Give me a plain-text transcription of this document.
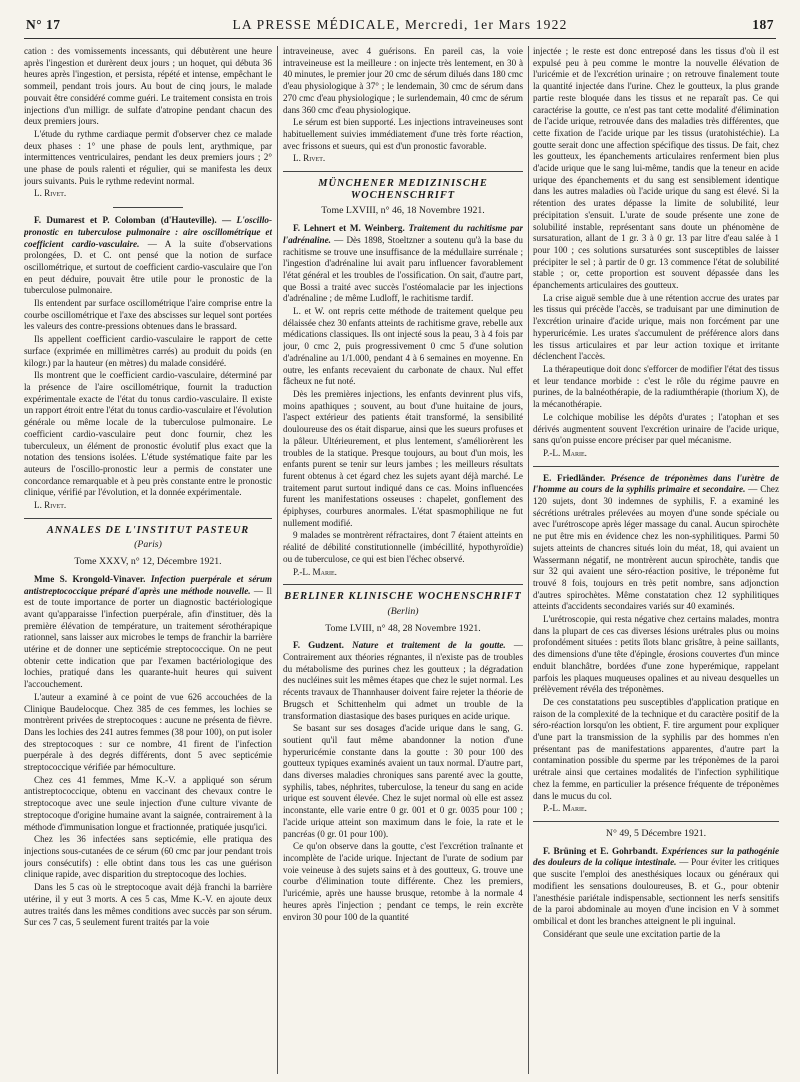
N° 17	LA PRESSE MÉDICALE, Mercredi, 1er Mars 1922	187

cation : des vomissements incessants, qui débutèrent une heure après l'ingestion et durèrent deux jours ; un hoquet, qui débuta 36 heures après l'ingestion, et persista, répété et intense, empêchant le sommeil, pendant trois jours. Au bout de cinq jours, le malade pouvait être considéré comme guéri. Le traitement consista en trois injections d'un milligr. de sulfate d'atropine pendant chacun des deux premiers jours.

L'étude du rythme cardiaque permit d'observer chez ce malade deux phases : 1° une phase de pouls lent, arythmique, par intermittences ventriculaires, pendant les deux premiers jours ; 2° une phase de pouls ralenti et régulier, qui se manifesta les deux jours suivants. Puis le rythme redevint normal.

L. Rivet.

F. Dumarest et P. Colomban (d'Hauteville). — L'oscillo-pronostic en tuberculose pulmonaire : aire oscillométrique et coefficient cardio-vasculaire. — A la suite d'observations prolongées, D. et C. ont pensé que la notion de surface oscillométrique, et surtout de coefficient cardio-vasculaire que l'on en peut déduire, pouvait être utile pour le pronostic de la tuberculose pulmonaire.

Ils entendent par surface oscillométrique l'aire comprise entre la courbe oscillométrique et l'axe des abscisses sur lequel sont portées les valeurs des contre-pressions obtenues dans le brassard.

Ils appellent coefficient cardio-vasculaire le rapport de cette surface (exprimée en millimètres carrés) au produit du poids (en kilogr.) par la hauteur (en mètres) du malade considéré.

Ils montrent que le coefficient cardio-vasculaire, déterminé par la présence de l'aire oscillométrique, fournit la traduction expérimentale exacte de l'état du tonus cardio-vasculaire. Il existe un rapport étroit entre l'état du tonus cardio-vasculaire et l'évolution générale ou même locale de la tuberculose pulmonaire. Le coefficient cardio-vasculaire peut donc fournir, chez les tuberculeux, un élément de pronostic évolutif plus exact que la notation des tensions isolées. L'étude systématique faite par les auteurs de l'oscillo-pronostic leur a permis de constater une concordance remarquable et à peu près constante entre le pronostic clinique, vérifié par l'évolution, et la donnée expérimentale.

L. Rivet.

ANNALES DE L'INSTITUT PASTEUR
(Paris)
Tome XXXV, n° 12, Décembre 1921.

Mme S. Krongold-Vinaver. Infection puerpérale et sérum antistreptococcique préparé d'après une méthode nouvelle. — Il est de toute importance de porter un diagnostic bactériologique avant qu'apparaisse l'infection puerpérale, afin d'instituer, dès la première élévation de température, un traitement sérothérapique rationnel, sans laisser aux microbes le temps de franchir la barrière utérine et de donner une septicémie streptococcique. On ne peut obtenir cette indication que par l'examen bactériologique des lochies, pratiqué dans les quarante-huit heures qui suivent l'accouchement.

L'auteur a examiné à ce point de vue 626 accouchées de la Clinique Baudelocque. Chez 385 de ces femmes, les lochies se montrèrent privées de streptocoques : aucune ne présenta de fièvre. Dans les lochies des 241 autres femmes (38 pour 100), on put isoler des streptocoques : sur ce nombre, 41 firent de l'infection puerpérale à des degrés différents, dont 5 avec septicémie streptococcique vérifiée par hémoculture.

Chez ces 41 femmes, Mme K.-V. a appliqué son sérum antistreptococcique, obtenu en vaccinant des chevaux contre le streptocoque avec une seule injection d'une culture vivante de streptocoque d'origine humaine avant la saignée, contrairement à la méthode d'immunisation longue et fractionnée, pratiquée jusqu'ici.

Chez les 36 infectées sans septicémie, elle pratiqua des injections sous-cutanées de ce sérum (60 cmc par jour pendant trois jours consécutifs) : elle obtint dans tous les cas une guérison clinique rapide, avec disparition du streptocoque des lochies.

Dans les 5 cas où le streptocoque avait déjà franchi la barrière utérine, il y eut 3 morts. A ces 5 cas, Mme K.-V. en ajoute deux autres traités dans les mêmes conditions avec succès par son sérum. Sur ces 7 cas, 5 seulement furent traités par la voie

intraveineuse, avec 4 guérisons. En pareil cas, la voie intraveineuse est la meilleure : on injecte très lentement, en 30 à 40 minutes, le premier jour 20 cmc de sérum dilués dans 180 cmc d'eau physiologique à 37° ; le lendemain, 30 cmc de sérum dans 270 cmc d'eau physiologique ; le surlendemain, 40 cmc de sérum dans 360 cmc d'eau physiologique.

Le sérum est bien supporté. Les injections intraveineuses sont habituellement suivies immédiatement d'une très forte réaction, avec frissons et sueurs, qui est d'un pronostic favorable.

L. Rivet.

MÜNCHENER MEDIZINISCHE WOCHENSCHRIFT
Tome LXVIII, n° 46, 18 Novembre 1921.

F. Lehnert et M. Weinberg. Traitement du rachitisme par l'adrénaline. — Dès 1898, Stoeltzner a soutenu qu'à la base du rachitisme se trouve une insuffisance de la médullaire surrénale ; l'ingestion d'adrénaline lui avait paru influencer favorablement l'état général et les troubles de l'ossification. On sait, d'autre part, que Bossi a traité avec succès l'ostéomalacie par les injections d'adrénaline ; de même Ludloff, le rachitisme tardif.

L. et W. ont repris cette méthode de traitement quelque peu délaissée chez 30 enfants atteints de rachitisme grave, rebelle aux médications classiques. Ils ont injecté sous la peau, 3 à 4 fois par jour, 0 cmc 2, puis progressivement 0 cmc 5 d'une solution d'adrénaline au 1/1.000, pendant 4 à 6 semaines en moyenne. En outre, les enfants recevaient du carbonate de chaux. Nul effet fâcheux ne fut noté.

Dès les premières injections, les enfants devinrent plus vifs, moins apathiques ; souvent, au bout d'une huitaine de jours, l'aspect extérieur des patients était transformé, la sensibilité douloureuse des os était disparue, ainsi que les sueurs profuses et la pâleur. Ultérieurement, et plus lentement, s'améliorèrent les troubles de la statique. Presque toujours, au bout d'un mois, les enfants purent se tenir sur leurs jambes ; les meilleurs résultats furent obtenus à cet égard chez les sujets ayant déjà marché. Le traitement parut surtout indiqué dans ce cas. Moins influencées furent les manifestations osseuses : chapelet, gonflement des épiphyses, courbures anormales. L'état spasmophilique ne fut nullement modifié.

9 malades se montrèrent réfractaires, dont 7 étaient atteints en réalité de débilité constitutionnelle (imbécillité, hypothyroïdie) ou de tuberculose, ce qui est bien l'échec observé.

P.-L. Marie.

BERLINER KLINISCHE WOCHENSCHRIFT
(Berlin)
Tome LVIII, n° 48, 28 Novembre 1921.

F. Gudzent. Nature et traitement de la goutte. — Contrairement aux théories régnantes, il n'existe pas de troubles du métabolisme des purines chez les goutteux ; la dégradation des nucléines suit les mêmes étapes que chez le sujet normal. Les récents travaux de Thannhauser doivent faire rejeter la théorie de Brugsch et Schittenhelm qui admet un trouble de la transformation diastasique des bases puriques en acide urique.

Se basant sur ses dosages d'acide urique dans le sang, G. soutient qu'il faut même abandonner la notion d'une hyperuricémie constante dans la goutte : 30 pour 100 des goutteux typiques examinés avaient un taux normal. D'autre part, dans diverses maladies chroniques sans parenté avec la goutte, syphilis, tabes, néphrites, tuberculose, la teneur du sang en acide urique est souvent élevée. Chez le sujet normal où elle est assez inconstante, elle varie entre 0 gr. 001 et 0 gr. 0035 pour 100 ; l'acide urique atteint son maximum dans le foie, la rate et le pancréas (0 gr. 01 pour 100).

Ce qu'on observe dans la goutte, c'est l'excrétion traînante et incomplète de l'acide urique. Injectant de l'urate de sodium par voie veineuse à des sujets sains et à des goutteux, G. trouve une courbe d'élimination toute différente. Chez les premiers, l'uricémie, après une hausse brusque, retombe à la normale 4 heures après l'injection ; pendant ce temps, le rein excrète environ 30 pour 100 de la quantité

injectée ; le reste est donc entreposé dans les tissus d'où il est expulsé peu à peu comme le montre la nouvelle élévation de l'uricémie et de l'excrétion urinaire ; on retrouve finalement toute la quantité injectée dans l'urine. Chez le goutteux, la plus grande partie reste bloquée dans les tissus et ne reparaît pas. Ce qui caractérise la goutte, ce n'est pas tant cette modalité d'élimination de l'acide urique, retrouvée dans des maladies très différentes, que cette fixation de l'acide urique par les tissus (uratohistéchie). La goutte serait donc une affection spécifique des tissus. De fait, chez les goutteux, les épanchements articulaires renferment bien plus d'acide urique que le sang lui-même, tandis que la teneur en acide urique des épanchements et du sang est sensiblement identique dans les autres maladies où l'acide urique du sang est élevé. Si la rétention des urates dépasse la limite de solubilité, leur précipitation s'ensuit. L'urate de soude présente une zone de solubilité instable, représentant sans doute un phénomène de sursaturation, allant de 1 gr. 3 à 0 gr. 13 par litre d'eau salée à 1 pour 100 ; ces solutions sursaturées sont susceptibles de laisser précipiter le sel ; à partir de 0 gr. 13 commence l'état de solubilité stable ; or, cette proportion est souvent dépassée dans les épanchements articulaires des goutteux.

La crise aiguë semble due à une rétention accrue des urates par les tissus qui précède l'accès, se traduisant par une diminution de l'excrétion urinaire d'acide urique, mais non forcément par une hyperuricémie. Les urates s'accumulent de préférence alors dans les tissus articulaires et par leur action toxique et irritante déclenchent l'accès.

La thérapeutique doit donc s'efforcer de modifier l'état des tissus et leur tendance morbide : c'est le rôle du régime pauvre en purines, de la balnéothérapie, de la radiumthérapie (thorium X), de la mécanothérapie.

Le colchique mobilise les dépôts d'urates ; l'atophan et ses dérivés augmentent souvent l'excrétion urinaire de l'acide urique, sans qu'on puisse encore préciser par quel mécanisme.

P.-L. Marie.

E. Friedländer. Présence de tréponèmes dans l'urètre de l'homme au cours de la syphilis primaire et secondaire. — Chez 120 sujets, dont 30 indemnes de syphilis, F. a examiné les sécrétions urétrales prélevées au moyen d'une sonde spéciale ou avec l'urétroscope après léger massage du canal. Aucun spirochète ne put être mis en évidence chez les non-syphilitiques. Parmi 50 sujets atteints de chancres situés loin du méat, 18, qui avaient un Wassermann négatif, ne montrèrent aucun spirochète, tandis que sur 32 qui avaient une séro-réaction positive, le tréponème fut trouvé 8 fois, toujours en très petit nombre, sans adjonction d'autres spirochètes. Même constatation chez 12 syphilitiques atteints d'accidents secondaires variés sur 40 examinés.

L'urétroscopie, qui resta négative chez certains malades, montra dans la plupart de ces cas diverses lésions urétrales plus ou moins profondément situées : petits îlots blanc grisâtre, à peine saillants, des dimensions d'une tête d'épingle, érosions couvertes d'un mince enduit blanchâtre, bordées d'une zone hyperémique, rappelant parfois les plaques muqueuses opalines et au niveau desquelles un prélèvement révéla des tréponèmes.

De ces constatations peu susceptibles d'application pratique en raison de la complexité de la technique et du caractère positif de la séro-réaction lorsqu'on les obtient, F. tire argument pour expliquer d'une part la transmission de la syphilis par des hommes n'en présentant pas de manifestations apparentes, d'autre part la contamination possible du sperme par les tréponèmes de la paroi urétrale ainsi que certaines modalités de l'infection syphilitique chez la femme, en particulier la présence fréquente de tréponèmes dans le mucus du col.

P.-L. Marie.

N° 49, 5 Décembre 1921.

F. Brüning et E. Gohrbandt. Expériences sur la pathogénie des douleurs de la colique intestinale. — Pour éviter les critiques que suscite l'emploi des anesthésiques locaux ou généraux qui modifient les sensations douloureuses, B. et G., pour obtenir l'anesthésie pariétale indispensable, sectionnent les nerfs sensitifs de la paroi abdominale au moyen d'une incision en V à sommet ombilical et dont les branches atteignent le pli inguinal.

Considérant que seule une excitation partie de la
